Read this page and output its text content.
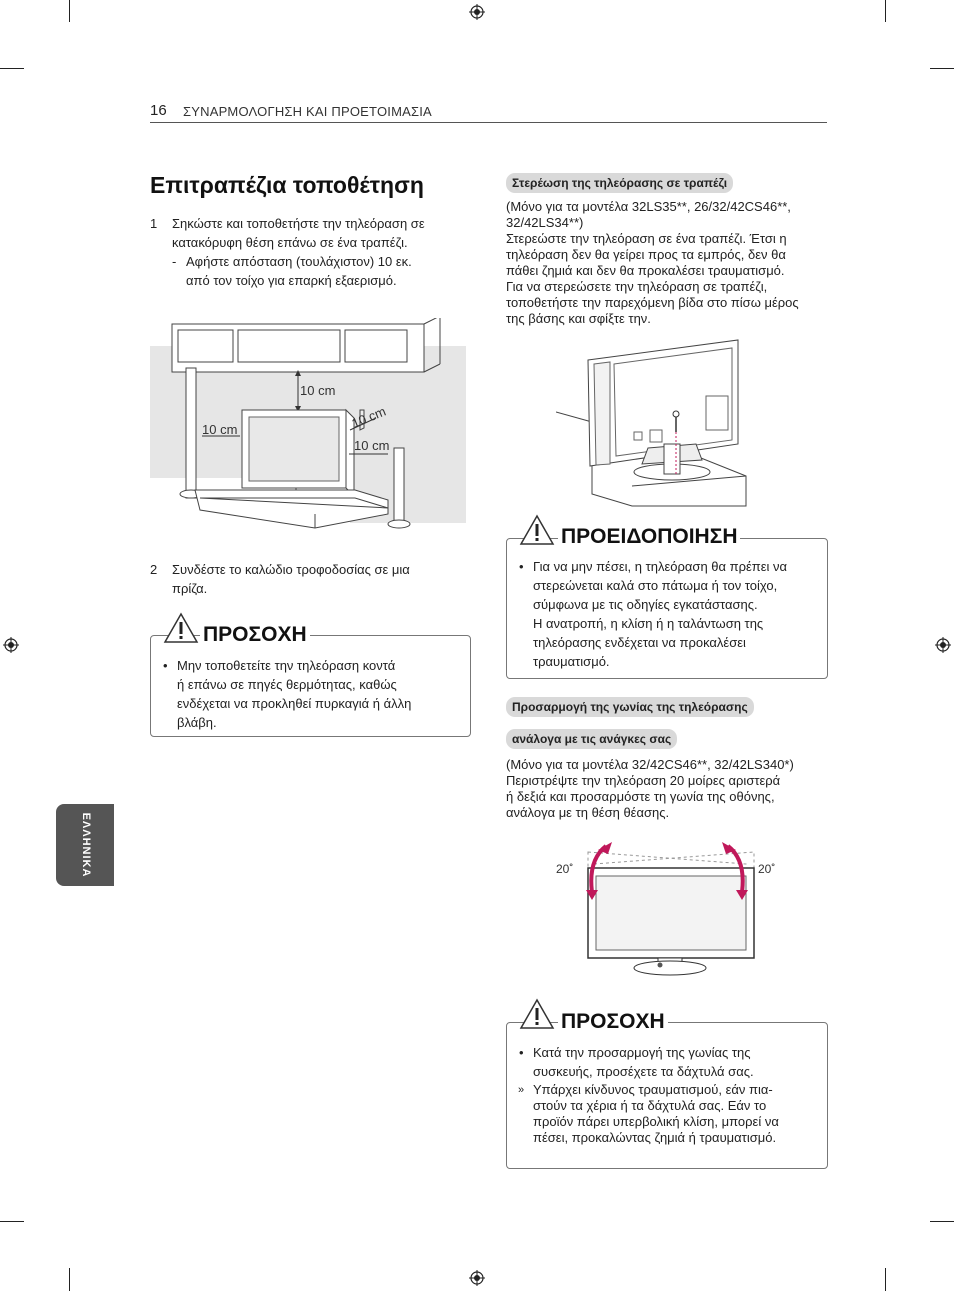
16 ΣΥΝΑΡΜΟΛΟΓΗΣΗ ΚΑΙ ΠΡΟΕΤΟΙΜΑΣΙΑ
ΕΛΛΗΝΙΚΑ
Επιτραπέζια τοποθέτηση
1 Σηκώστε και τοποθετήστε την τηλεόραση σε
κατακόρυφη θέση επάνω σε ένα τραπέζι.
- Αφήστε απόσταση (τουλάχιστον) 10 εκ.
από τον τοίχο για επαρκή εξαερισμό.
10 cm
10 cm	10 cm
10 cm
2 Συνδέστε το καλώδιο τροφοδοσίας σε μια
πρίζα.
ΠΡΟΣΟΧΗ
• Μην τοποθετείτε την τηλεόραση κοντά
ή επάνω σε πηγές θερμότητας, καθώς
ενδέχεται να προκληθεί πυρκαγιά ή άλλη
βλάβη.
Στερέωση της τηλεόρασης σε τραπέζι
(Μόνο για τα μοντέλα 32LS35**, 26/32/42CS46**,
32/42LS34**)
Στερεώστε την τηλεόραση σε ένα τραπέζι. Έτσι η
τηλεόραση δεν θα γείρει προς τα εμπρός, δεν θα
πάθει ζημιά και δεν θα προκαλέσει τραυματισμό.
Για να στερεώσετε την τηλεόραση σε τραπέζι,
τοποθετήστε την παρεχόμενη βίδα στο πίσω μέρος
της βάσης και σφίξτε την.
ΠΡΟΕΙΔΟΠΟΙΗΣΗ
• Για να μην πέσει, η τηλεόραση θα πρέπει να
στερεώνεται καλά στο πάτωμα ή τον τοίχο,
σύμφωνα με τις οδηγίες εγκατάστασης.
Η ανατροπή, η κλίση ή η ταλάντωση της
τηλεόρασης ενδέχεται να προκαλέσει
τραυματισμό.
Προσαρμογή της γωνίας της τηλεόρασης
ανάλογα με τις ανάγκες σας
(Μόνο για τα μοντέλα 32/42CS46**, 32/42LS340*)
Περιστρέψτε την τηλεόραση 20 μοίρες αριστερά
ή δεξιά και προσαρμόστε τη γωνία της οθόνης,
ανάλογα με τη θέση θέασης.
20˚	20˚
ΠΡΟΣΟΧΗ
• Κατά την προσαρμογή της γωνίας της
συσκευής, προσέχετε τα δάχτυλά σας.
» Υπάρχει κίνδυνος τραυματισμού, εάν πια-
στούν τα χέρια ή τα δάχτυλά σας. Εάν το
προϊόν πάρει υπερβολική κλίση, μπορεί να
πέσει, προκαλώντας ζημιά ή τραυματισμό.
